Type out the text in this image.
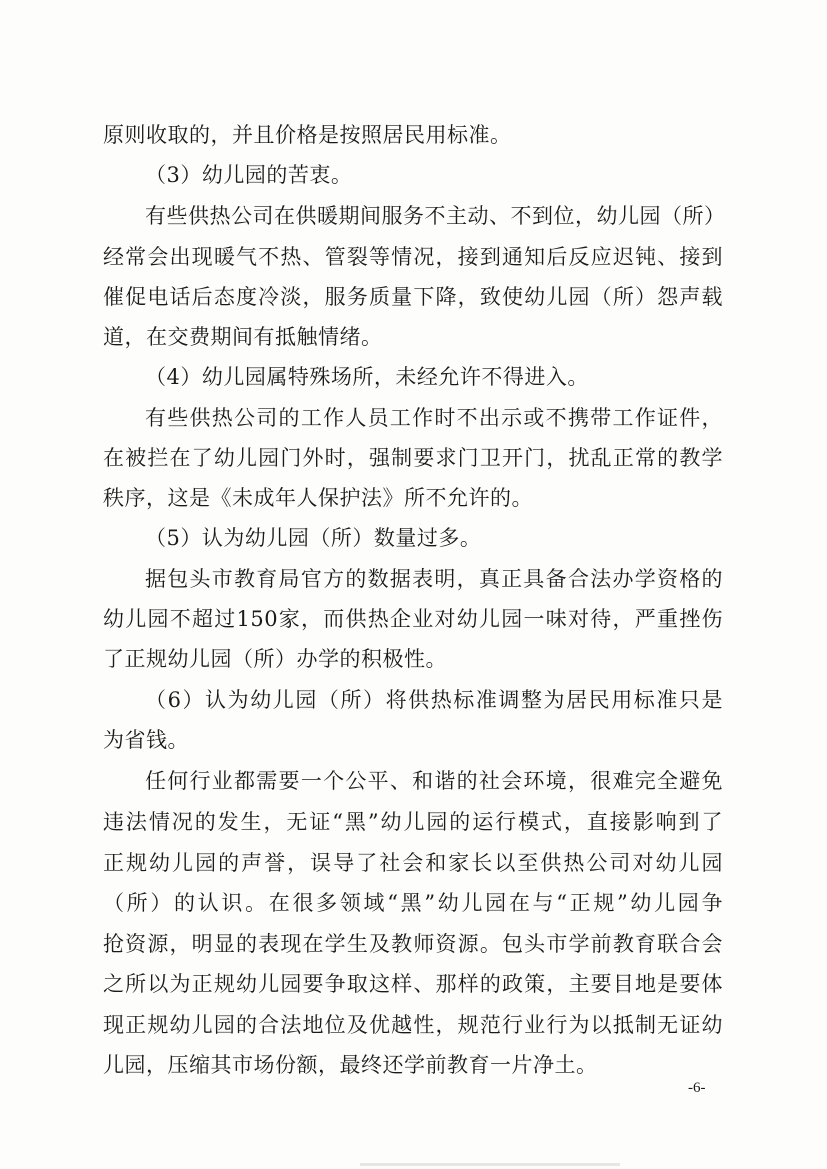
原则收取的，并且价格是按照居民用标准。
（3）幼儿园的苦衷。
有些供热公司在供暖期间服务不主动、不到位，幼儿园（所）
经常会出现暖气不热、管裂等情况，接到通知后反应迟钝、接到
催促电话后态度冷淡，服务质量下降，致使幼儿园（所）怨声载
道，在交费期间有抵触情绪。
（4）幼儿园属特殊场所，未经允许不得进入。
有些供热公司的工作人员工作时不出示或不携带工作证件，
在被拦在了幼儿园门外时，强制要求门卫开门，扰乱正常的教学
秩序，这是《未成年人保护法》所不允许的。
（5）认为幼儿园（所）数量过多。
据包头市教育局官方的数据表明，真正具备合法办学资格的
幼儿园不超过150家，而供热企业对幼儿园一味对待，严重挫伤
了正规幼儿园（所）办学的积极性。
（6）认为幼儿园（所）将供热标准调整为居民用标准只是
为省钱。
任何行业都需要一个公平、和谐的社会环境，很难完全避免
违法情况的发生，无证“黑”幼儿园的运行模式，直接影响到了
正规幼儿园的声誉，误导了社会和家长以至供热公司对幼儿园
（所）的认识。在很多领域“黑”幼儿园在与“正规”幼儿园争
抢资源，明显的表现在学生及教师资源。包头市学前教育联合会
之所以为正规幼儿园要争取这样、那样的政策，主要目地是要体
现正规幼儿园的合法地位及优越性，规范行业行为以抵制无证幼
儿园，压缩其市场份额，最终还学前教育一片净土。
-6-
